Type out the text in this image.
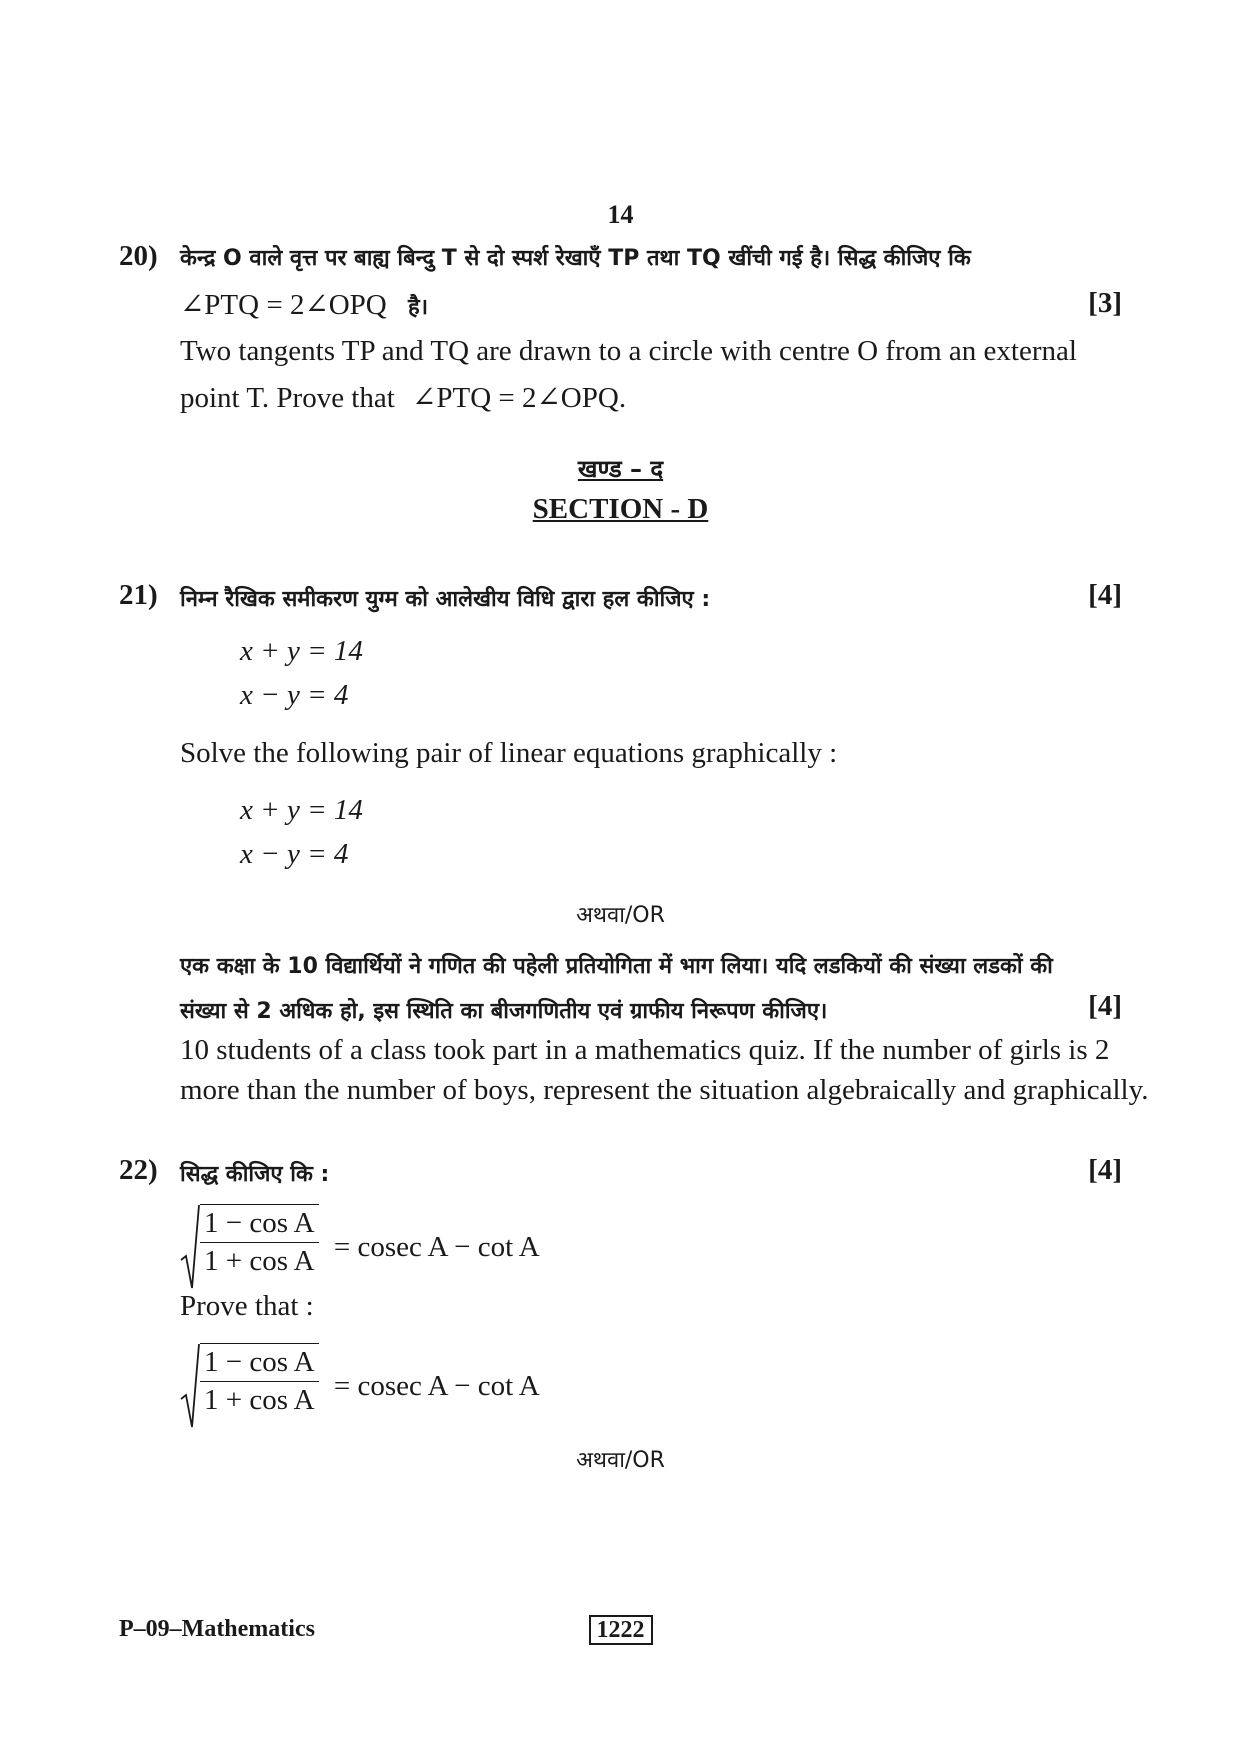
14
20) केन्द्र O वाले वृत्त पर बाह्य बिन्दु T से दो स्पर्श रेखाएँ TP तथा TQ खींची गई है। सिद्ध कीजिए कि
∠PTQ = 2∠OPQ है।	[3]
Two tangents TP and TQ are drawn to a circle with centre O from an external
point T. Prove that ∠PTQ = 2∠OPQ.
खण्ड – द
SECTION - D
21) निम्न रैखिक समीकरण युग्म को आलेखीय विधि द्वारा हल कीजिए :	[4]
x + y = 14
x − y = 4
Solve the following pair of linear equations graphically :
x + y = 14
x − y = 4
अथवा/OR
एक कक्षा के 10 विद्यार्थियों ने गणित की पहेली प्रतियोगिता में भाग लिया। यदि लडकियों की संख्या लडकों की
संख्या से 2 अधिक हो, इस स्थिति का बीजगणितीय एवं ग्राफीय निरूपण कीजिए।	[4]
10 students of a class took part in a mathematics quiz. If the number of girls is 2
more than the number of boys, represent the situation algebraically and graphically.
22) सिद्ध कीजिए कि :	[4]
$\frac{\text{1 − cos A}}{\text{1 + cos A}} = cosec$ A − cot A
Prove that :
$\frac{\text{1 − cos A}}{\text{1 + cos A}} = cosec$ A − cot A
अथवा/OR
P–09–Mathematics	1222
